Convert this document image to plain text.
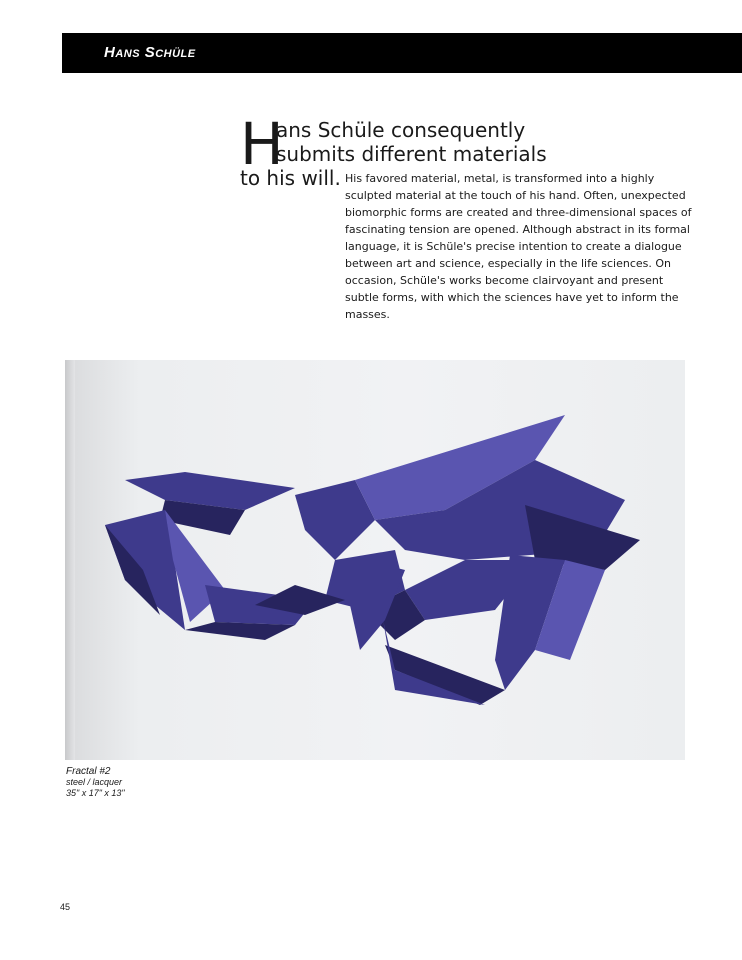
Hans Schüle
H
ans Schüle consequently
submits different materials
to his will. His favored material, metal, is transformed into a highly sculpted material at the touch of his hand. Often, unexpected biomorphic forms are created and three-dimensional spaces of fascinating tension are opened. Although abstract in its formal language, it is Schüle's precise intention to create a dialogue between art and science, especially in the life sciences. On occasion, Schüle's works become clairvoyant and present subtle forms, with which the sciences have yet to inform the masses.

Fractal #2
steel / lacquer
35" x 17" x 13"
45
